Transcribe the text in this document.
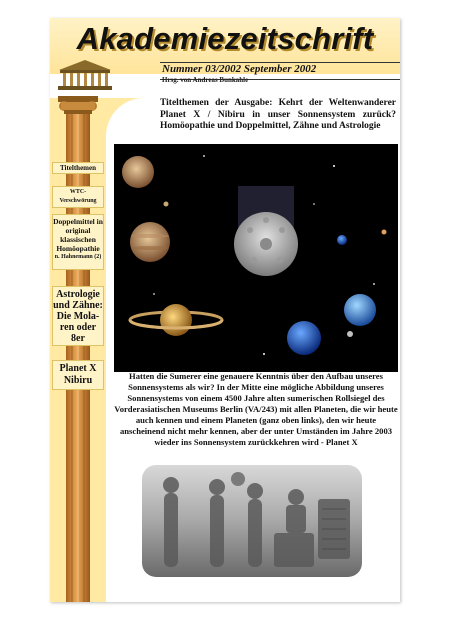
Akademiezeitschrift
Nummer 03/2002 September 2002
Hrsg. von Andreas Bunkahle
Titelthemen der Ausgabe: Kehrt der Weltenwanderer Planet X / Nibiru in unser Sonnensystem zurück? Homöopathie und Doppelmittel, Zähne und Astrologie
Titelthemen
WTC-
Verschwörung
Doppelmittel in original klassischen Homöopathie
n. Hahnemann (2)
Astrologie und Zähne: Die Mola-ren oder 8er
Planet X Nibiru	Hatten die Sumerer eine genauere Kenntnis über den Aufbau unseres Sonnensystems als wir? In der Mitte eine mögliche Abbildung unseres Sonnensystems von einem 4500 Jahre alten sumerischen Rollsiegel des Vorderasiatischen Museums Berlin (VA/243) mit allen Planeten, die wir heute auch kennen und einem Planeten (ganz oben links), den wir heute anscheinend nicht mehr kennen, aber der unter Umständen im Jahre 2003 wieder ins Sonnensystem zurückkehren wird - Planet X
